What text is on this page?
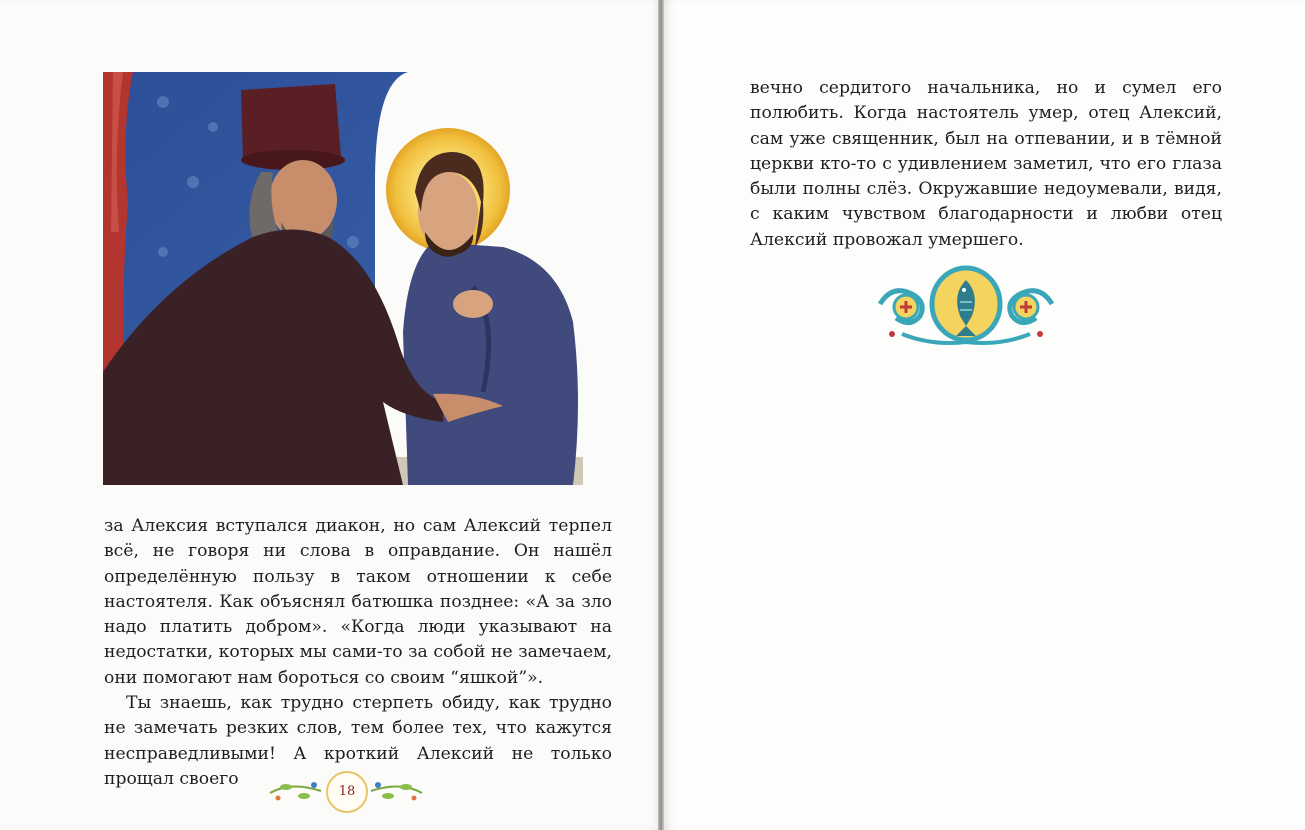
за Алексия вступался диакон, но сам Алексий терпел всё, не говоря ни слова в оправдание. Он нашёл определённую пользу в таком отношении к себе настоятеля. Как объяснял батюшка позднее: «А за зло надо платить добром». «Когда люди указывают на недостатки, которых мы сами-то за собой не замечаем, они помогают нам бороться со своим “яшкой”».

Ты знаешь, как трудно стерпеть обиду, как трудно не замечать резких слов, тем более тех, что кажутся несправедливыми! А кроткий Алексий не только прощал своего

18

вечно сердитого начальника, но и сумел его полюбить. Когда настоятель умер, отец Алексий, сам уже священник, был на отпевании, и в тёмной церкви кто-то с удивлением заметил, что его глаза были полны слёз. Окружавшие недоумевали, видя, с каким чувством благодарности и любви отец Алексий провожал умершего.
